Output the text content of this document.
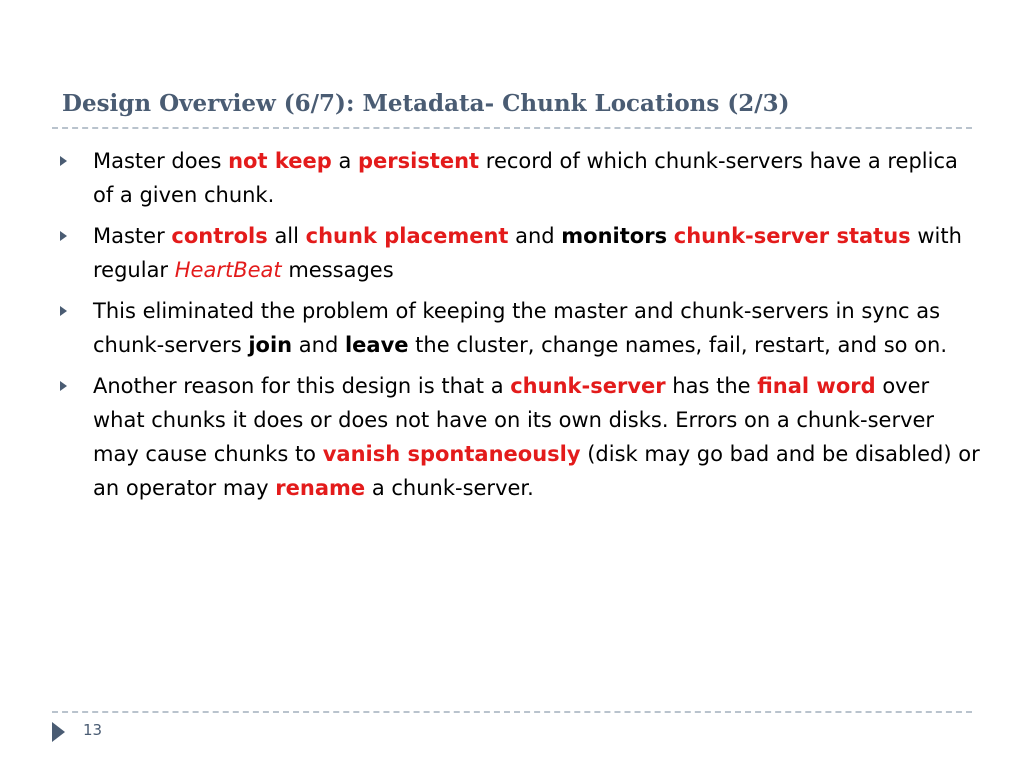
Design Overview (6/7): Metadata- Chunk Locations (2/3)
Master does not keep a persistent record of which chunk-servers have a replica of a given chunk.
Master controls all chunk placement and monitors chunk-server status with regular HeartBeat messages
This eliminated the problem of keeping the master and chunk-servers in sync as chunk-servers join and leave the cluster, change names, fail, restart, and so on.
Another reason for this design is that a chunk-server has the final word over what chunks it does or does not have on its own disks. Errors on a chunk-server may cause chunks to vanish spontaneously (disk may go bad and be disabled) or an operator may rename a chunk-server.
13
